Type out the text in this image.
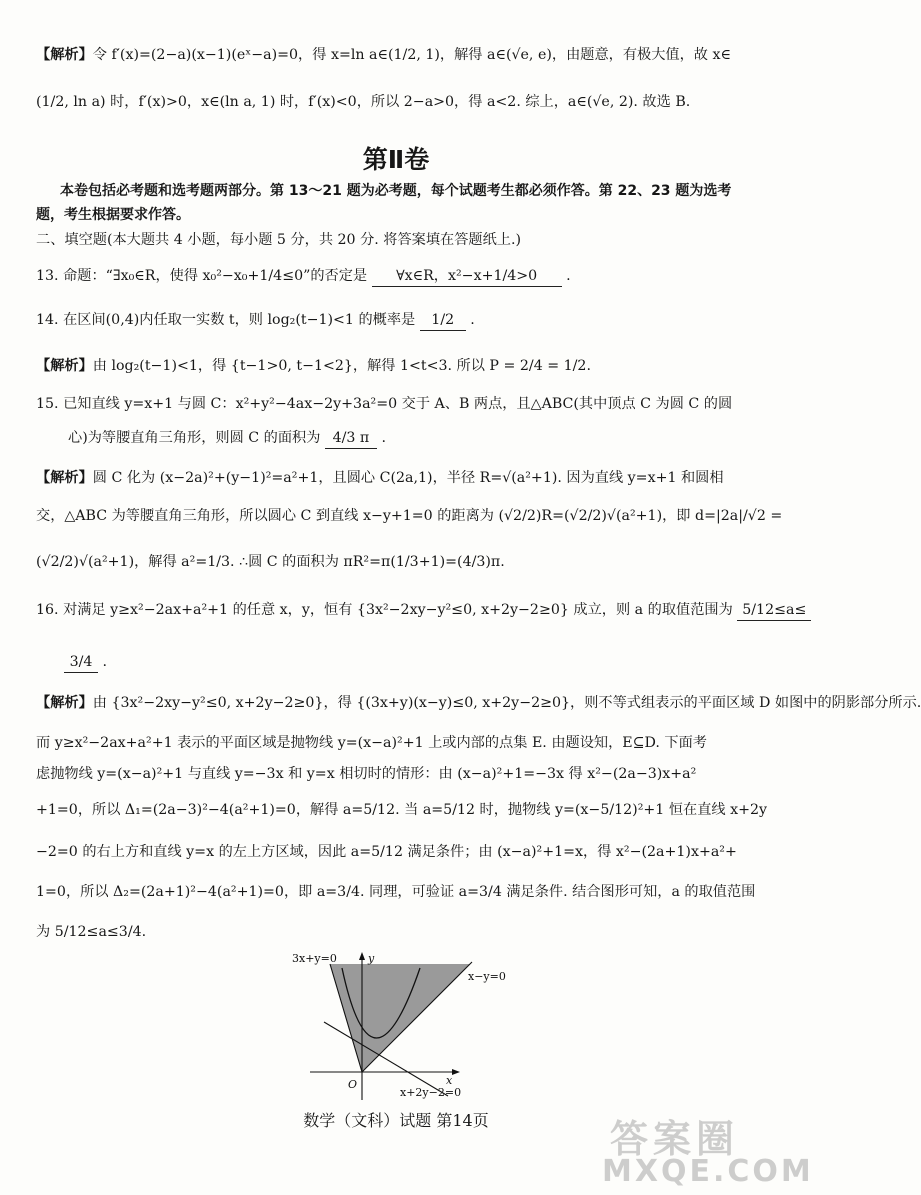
【解析】令 f′(x)=(2−a)(x−1)(eˣ−a)=0，得 x=ln a∈(1/2, 1)，解得 a∈(√e, e)，由题意，有极大值，故 x∈
(1/2, ln a) 时，f′(x)>0，x∈(ln a, 1) 时，f′(x)<0，所以 2−a>0，得 a<2. 综上，a∈(√e, 2). 故选 B.
第Ⅱ卷
本卷包括必考题和选考题两部分。第 13～21 题为必考题，每个试题考生都必须作答。第 22、23 题为选考
题，考生根据要求作答。
二、填空题(本大题共 4 小题，每小题 5 分，共 20 分. 将答案填在答题纸上.)
13. 命题：“∃x₀∈R，使得 x₀²−x₀+1/4≤0”的否定是 ∀x∈R，x²−x+1/4>0 .
14. 在区间(0,4)内任取一实数 t，则 log₂(t−1)<1 的概率是 1/2 .
【解析】由 log₂(t−1)<1，得 {t−1>0, t−1<2}，解得 1<t<3. 所以 P = 2/4 = 1/2.
15. 已知直线 y=x+1 与圆 C：x²+y²−4ax−2y+3a²=0 交于 A、B 两点，且△ABC(其中顶点 C 为圆 C 的圆
心)为等腰直角三角形，则圆 C 的面积为 4/3 π .
【解析】圆 C 化为 (x−2a)²+(y−1)²=a²+1，且圆心 C(2a,1)，半径 R=√(a²+1). 因为直线 y=x+1 和圆相
交，△ABC 为等腰直角三角形，所以圆心 C 到直线 x−y+1=0 的距离为 (√2/2)R=(√2/2)√(a²+1)，即 d=|2a|/√2 =
(√2/2)√(a²+1)，解得 a²=1/3. ∴圆 C 的面积为 πR²=π(1/3+1)=(4/3)π.
16. 对满足 y≥x²−2ax+a²+1 的任意 x，y，恒有 {3x²−2xy−y²≤0, x+2y−2≥0} 成立，则 a 的取值范围为 5/12≤a≤
3/4 .
【解析】由 {3x²−2xy−y²≤0, x+2y−2≥0}，得 {(3x+y)(x−y)≤0, x+2y−2≥0}，则不等式组表示的平面区域 D 如图中的阴影部分所示.
而 y≥x²−2ax+a²+1 表示的平面区域是抛物线 y=(x−a)²+1 上或内部的点集 E. 由题设知，E⊆D. 下面考
虑抛物线 y=(x−a)²+1 与直线 y=−3x 和 y=x 相切时的情形：由 (x−a)²+1=−3x 得 x²−(2a−3)x+a²
+1=0，所以 Δ₁=(2a−3)²−4(a²+1)=0，解得 a=5/12. 当 a=5/12 时，抛物线 y=(x−5/12)²+1 恒在直线 x+2y
−2=0 的右上方和直线 y=x 的左上方区域，因此 a=5/12 满足条件；由 (x−a)²+1=x，得 x²−(2a+1)x+a²+
1=0，所以 Δ₂=(2a+1)²−4(a²+1)=0，即 a=3/4. 同理，可验证 a=3/4 满足条件. 结合图形可知，a 的取值范围
为 5/12≤a≤3/4.
3x+y=0	y
x−y=0
O	x
x+2y−2=0
数学（文科）试题 第14页	答案圈
MXQE.COM
